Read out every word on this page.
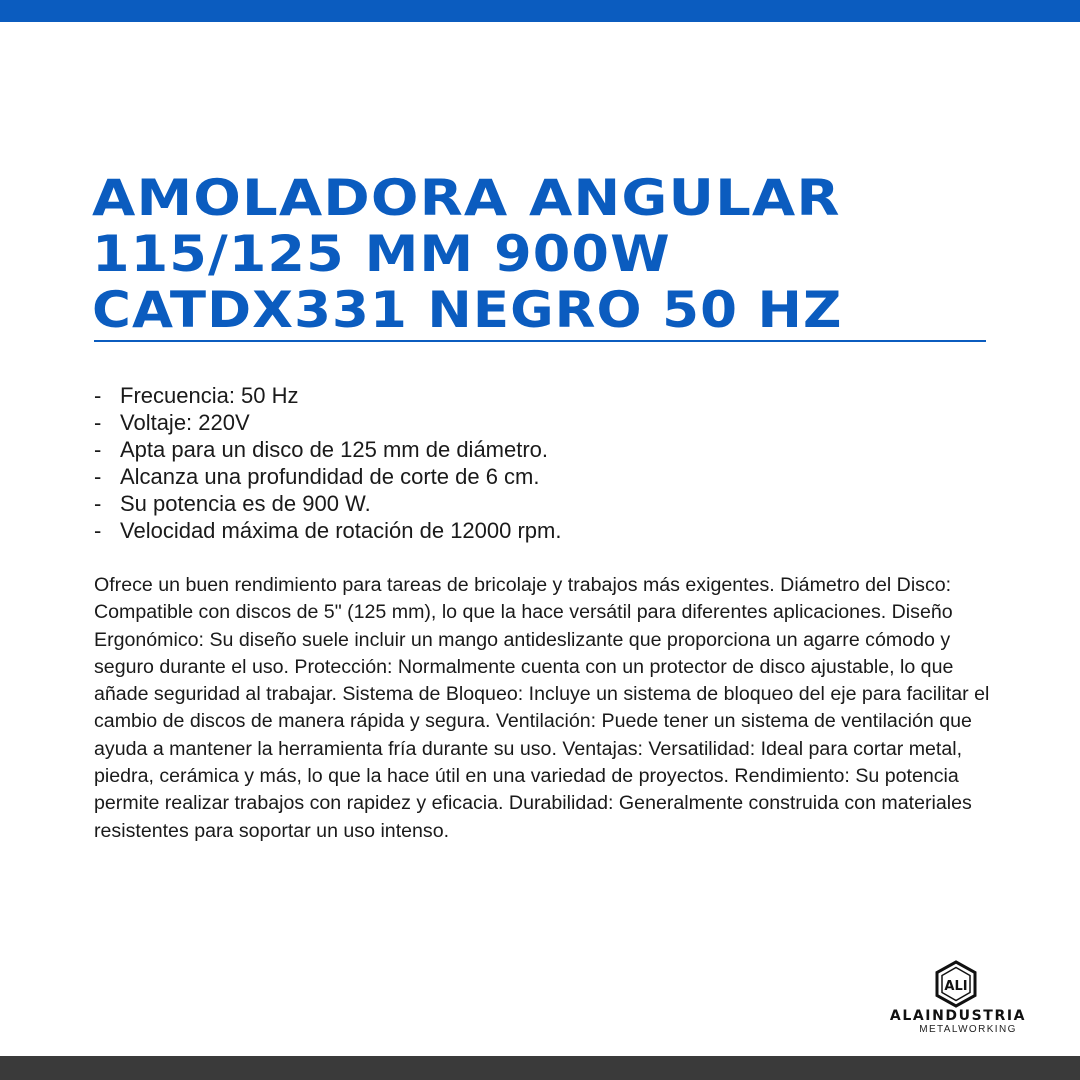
AMOLADORA ANGULAR
115/125 MM 900W
CATDX331 NEGRO 50 HZ
- Frecuencia: 50 Hz
- Voltaje: 220V
- Apta para un disco de 125 mm de diámetro.
- Alcanza una profundidad de corte de 6 cm.
- Su potencia es de 900 W.
- Velocidad máxima de rotación de 12000 rpm.

Ofrece un buen rendimiento para tareas de bricolaje y trabajos más exigentes. Diámetro del Disco: Compatible con discos de 5" (125 mm), lo que la hace versátil para diferentes aplicaciones. Diseño Ergonómico: Su diseño suele incluir un mango antideslizante que proporciona un agarre cómodo y seguro durante el uso. Protección: Normalmente cuenta con un protector de disco ajustable, lo que añade seguridad al trabajar. Sistema de Bloqueo: Incluye un sistema de bloqueo del eje para facilitar el cambio de discos de manera rápida y segura. Ventilación: Puede tener un sistema de ventilación que ayuda a mantener la herramienta fría durante su uso. Ventajas: Versatilidad: Ideal para cortar metal, piedra, cerámica y más, lo que la hace útil en una variedad de proyectos. Rendimiento: Su potencia permite realizar trabajos con rapidez y eficacia. Durabilidad: Generalmente construida con materiales resistentes para soportar un uso intenso.

ALI
ALAINDUSTRIA
METALWORKING
